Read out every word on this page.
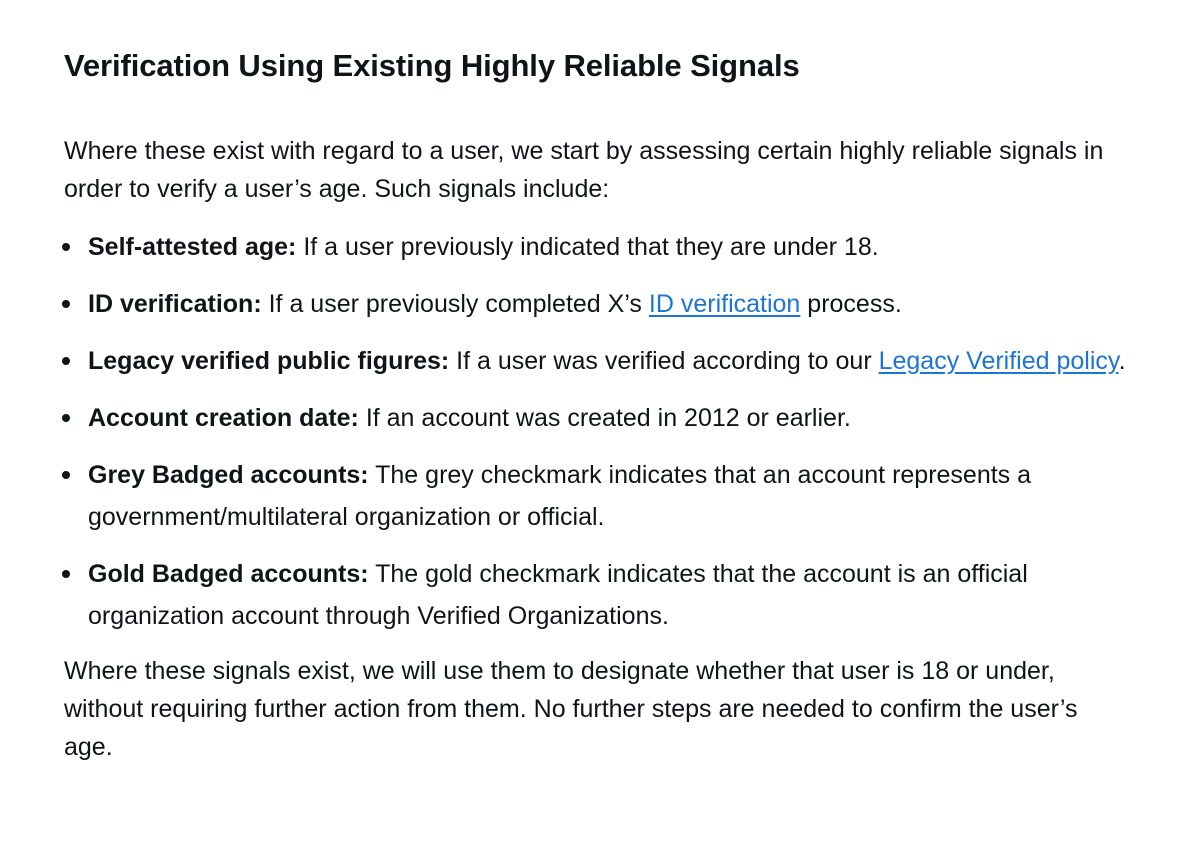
Verification Using Existing Highly Reliable Signals

Where these exist with regard to a user, we start by assessing certain highly reliable signals in order to verify a user’s age. Such signals include:

Self-attested age: If a user previously indicated that they are under 18.
ID verification: If a user previously completed X’s ID verification process.
Legacy verified public figures: If a user was verified according to our Legacy Verified policy.
Account creation date: If an account was created in 2012 or earlier.
Grey Badged accounts: The grey checkmark indicates that an account represents a government/multilateral organization or official.
Gold Badged accounts: The gold checkmark indicates that the account is an official organization account through Verified Organizations.

Where these signals exist, we will use them to designate whether that user is 18 or under, without requiring further action from them. No further steps are needed to confirm the user’s age.
